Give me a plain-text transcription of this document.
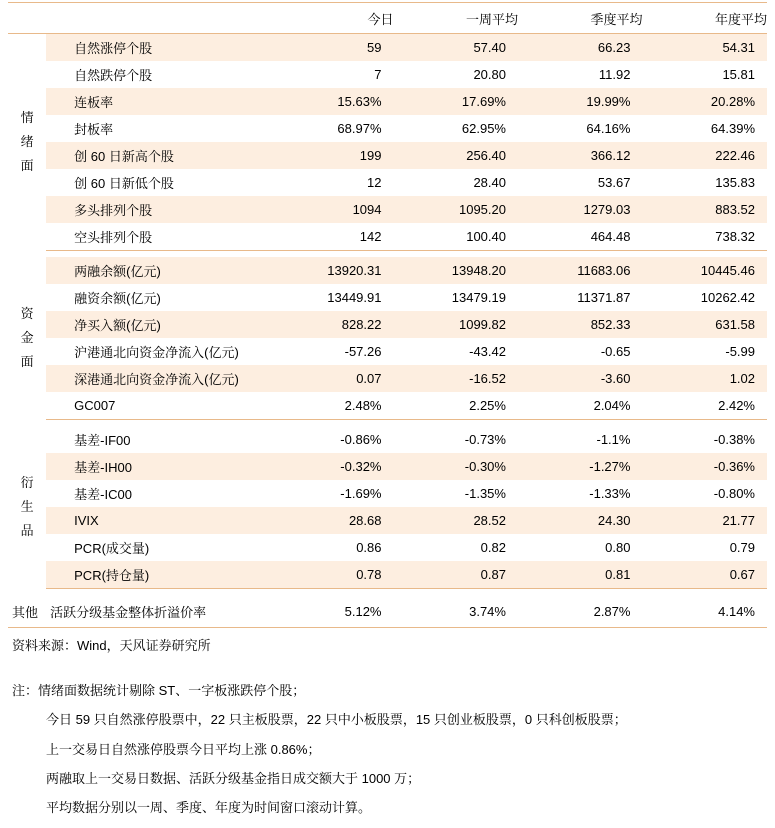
		今日	一周平均	季度平均	年度平均
情
绪
面	自然涨停个股	59	57.40	66.23	54.31
	自然跌停个股	7	20.80	11.92	15.81
	连板率	15.63%	17.69%	19.99%	20.28%
	封板率	68.97%	62.95%	64.16%	64.39%
	创 60 日新高个股	199	256.40	366.12	222.46
	创 60 日新低个股	12	28.40	53.67	135.83
	多头排列个股	1094	1095.20	1279.03	883.52
	空头排列个股	142	100.40	464.48	738.32

资
金
面	两融余额(亿元)	13920.31	13948.20	11683.06	10445.46
	融资余额(亿元)	13449.91	13479.19	11371.87	10262.42
	净买入额(亿元)	828.22	1099.82	852.33	631.58
	沪港通北向资金净流入(亿元)	-57.26	-43.42	-0.65	-5.99
	深港通北向资金净流入(亿元)	0.07	-16.52	-3.60	1.02
	GC007	2.48%	2.25%	2.04%	2.42%

衍
生
品	基差-IF00	-0.86%	-0.73%	-1.1%	-0.38%
	基差-IH00	-0.32%	-0.30%	-1.27%	-0.36%
	基差-IC00	-1.69%	-1.35%	-1.33%	-0.80%
	IVIX	28.68	28.52	24.30	21.77
	PCR(成交量)	0.86	0.82	0.80	0.79
	PCR(持仓量)	0.78	0.87	0.81	0.67

其他	活跃分级基金整体折溢价率	5.12%	3.74%	2.87%	4.14%
资料来源：Wind，天风证券研究所
注：情绪面数据统计剔除 ST、一字板涨跌停个股；
今日 59 只自然涨停股票中，22 只主板股票，22 只中小板股票，15 只创业板股票，0 只科创板股票；
上一交易日自然涨停股票今日平均上涨 0.86%；
两融取上一交易日数据、活跃分级基金指日成交额大于 1000 万；
平均数据分别以一周、季度、年度为时间窗口滚动计算。
